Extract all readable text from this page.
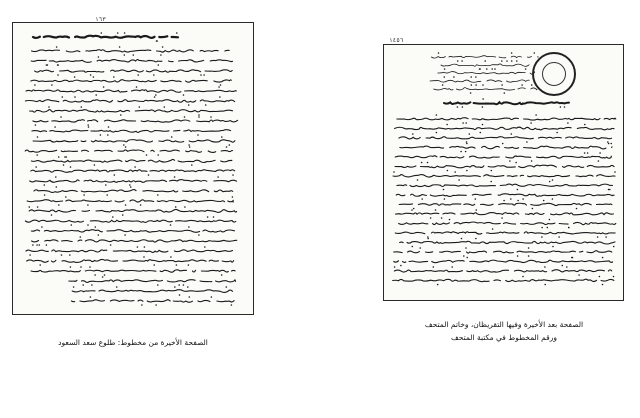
١٦٣
١٤٥٦
الصفحة الأخيرة من مخطوط: طلوع سعد السعود
الصفحة بعد الأخيرة وفيها التقريظان، وخاتم المتحف
ورقم المخطوط في مكتبة المتحف
